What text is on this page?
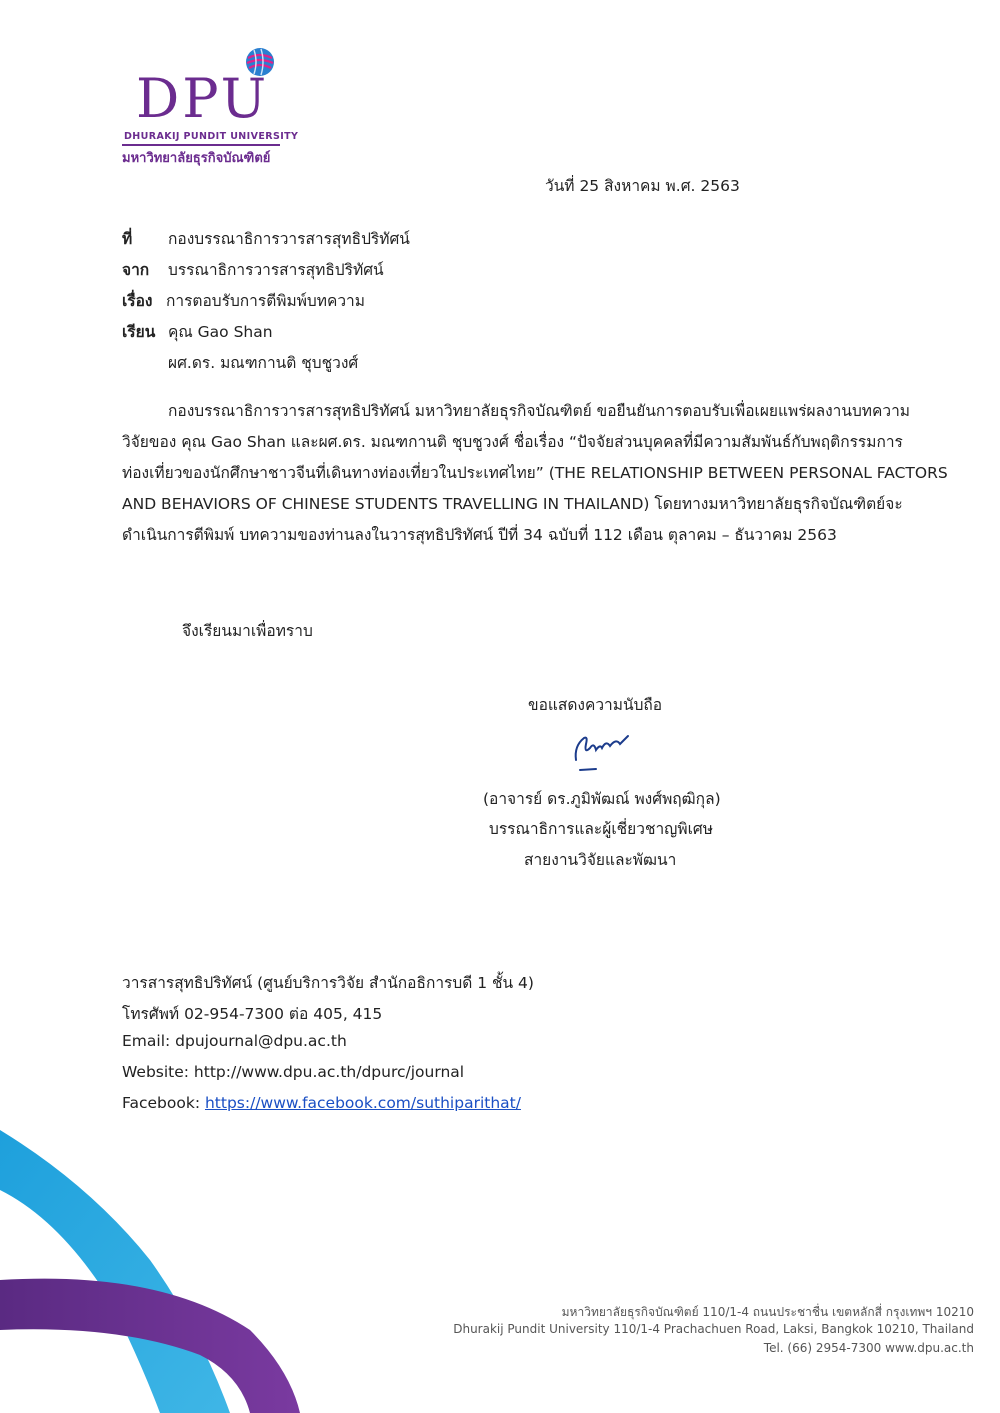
DPU
DHURAKIJ PUNDIT UNIVERSITY
มหาวิทยาลัยธุรกิจบัณฑิตย์
วันที่ 25 สิงหาคม พ.ศ. 2563
ที่ กองบรรณาธิการวารสารสุทธิปริทัศน์
จาก บรรณาธิการวารสารสุทธิปริทัศน์
เรื่อง การตอบรับการตีพิมพ์บทความ
เรียน คุณ Gao Shan
ผศ.ดร. มณฑกานติ ชุบชูวงศ์
กองบรรณาธิการวารสารสุทธิปริทัศน์ มหาวิทยาลัยธุรกิจบัณฑิตย์ ขอยืนยันการตอบรับเพื่อเผยแพร่ผลงานบทความ
วิจัยของ คุณ Gao Shan และผศ.ดร. มณฑกานติ ชุบชูวงศ์ ชื่อเรื่อง “ปัจจัยส่วนบุคคลที่มีความสัมพันธ์กับพฤติกรรมการ
ท่องเที่ยวของนักศึกษาชาวจีนที่เดินทางท่องเที่ยวในประเทศไทย” (THE RELATIONSHIP BETWEEN PERSONAL FACTORS
AND BEHAVIORS OF CHINESE STUDENTS TRAVELLING IN THAILAND) โดยทางมหาวิทยาลัยธุรกิจบัณฑิตย์จะ
ดำเนินการตีพิมพ์ บทความของท่านลงในวารสุทธิปริทัศน์ ปีที่ 34 ฉบับที่ 112 เดือน ตุลาคม – ธันวาคม 2563
จึงเรียนมาเพื่อทราบ
ขอแสดงความนับถือ
(อาจารย์ ดร.ภูมิพัฒณ์ พงศ์พฤฒิกุล)
บรรณาธิการและผู้เชี่ยวชาญพิเศษ
สายงานวิจัยและพัฒนา
วารสารสุทธิปริทัศน์ (ศูนย์บริการวิจัย สำนักอธิการบดี 1 ชั้น 4)
โทรศัพท์ 02-954-7300 ต่อ 405, 415
Email: dpujournal@dpu.ac.th
Website: http://www.dpu.ac.th/dpurc/journal
Facebook: https://www.facebook.com/suthiparithat/
มหาวิทยาลัยธุรกิจบัณฑิตย์ 110/1-4 ถนนประชาชื่น เขตหลักสี่ กรุงเทพฯ 10210
Dhurakij Pundit University 110/1-4 Prachachuen Road, Laksi, Bangkok 10210, Thailand
Tel. (66) 2954-7300 www.dpu.ac.th
